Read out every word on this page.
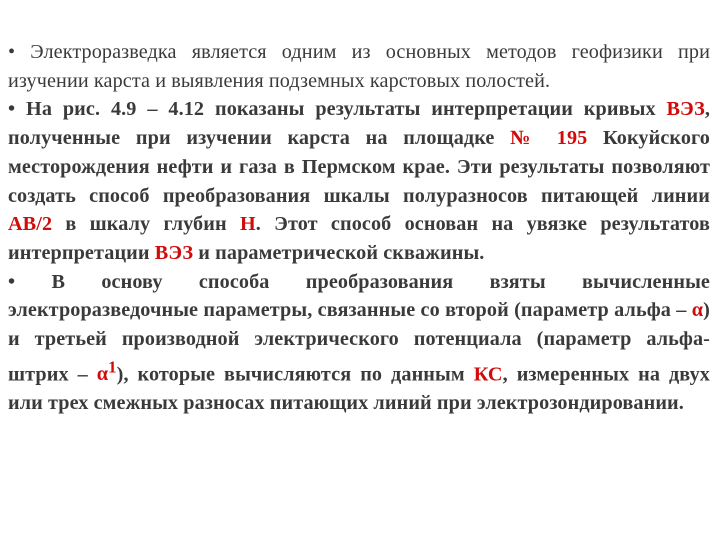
• Электроразведка является одним из основных методов геофизики при изучении карста и выявления подземных карстовых полостей.

• На рис. 4.9 – 4.12 показаны результаты интерпретации кривых ВЭЗ, полученные при изучении карста на площадке № 195 Кокуйского месторождения нефти и газа в Пермском крае. Эти результаты позволяют создать способ преобразования шкалы полуразносов питающей линии АВ/2 в шкалу глубин Н. Этот способ основан на увязке результатов интерпретации ВЭЗ и параметрической скважины.

• В основу способа преобразования взяты вычисленные электроразведочные параметры, связанные со второй (параметр альфа – α) и третьей производной электрического потенциала (параметр альфа-штрих – $\alpha^1$), которые вычисляются по данным КС, измеренных на двух или трех смежных разносах питающих линий при электрозондировании.
